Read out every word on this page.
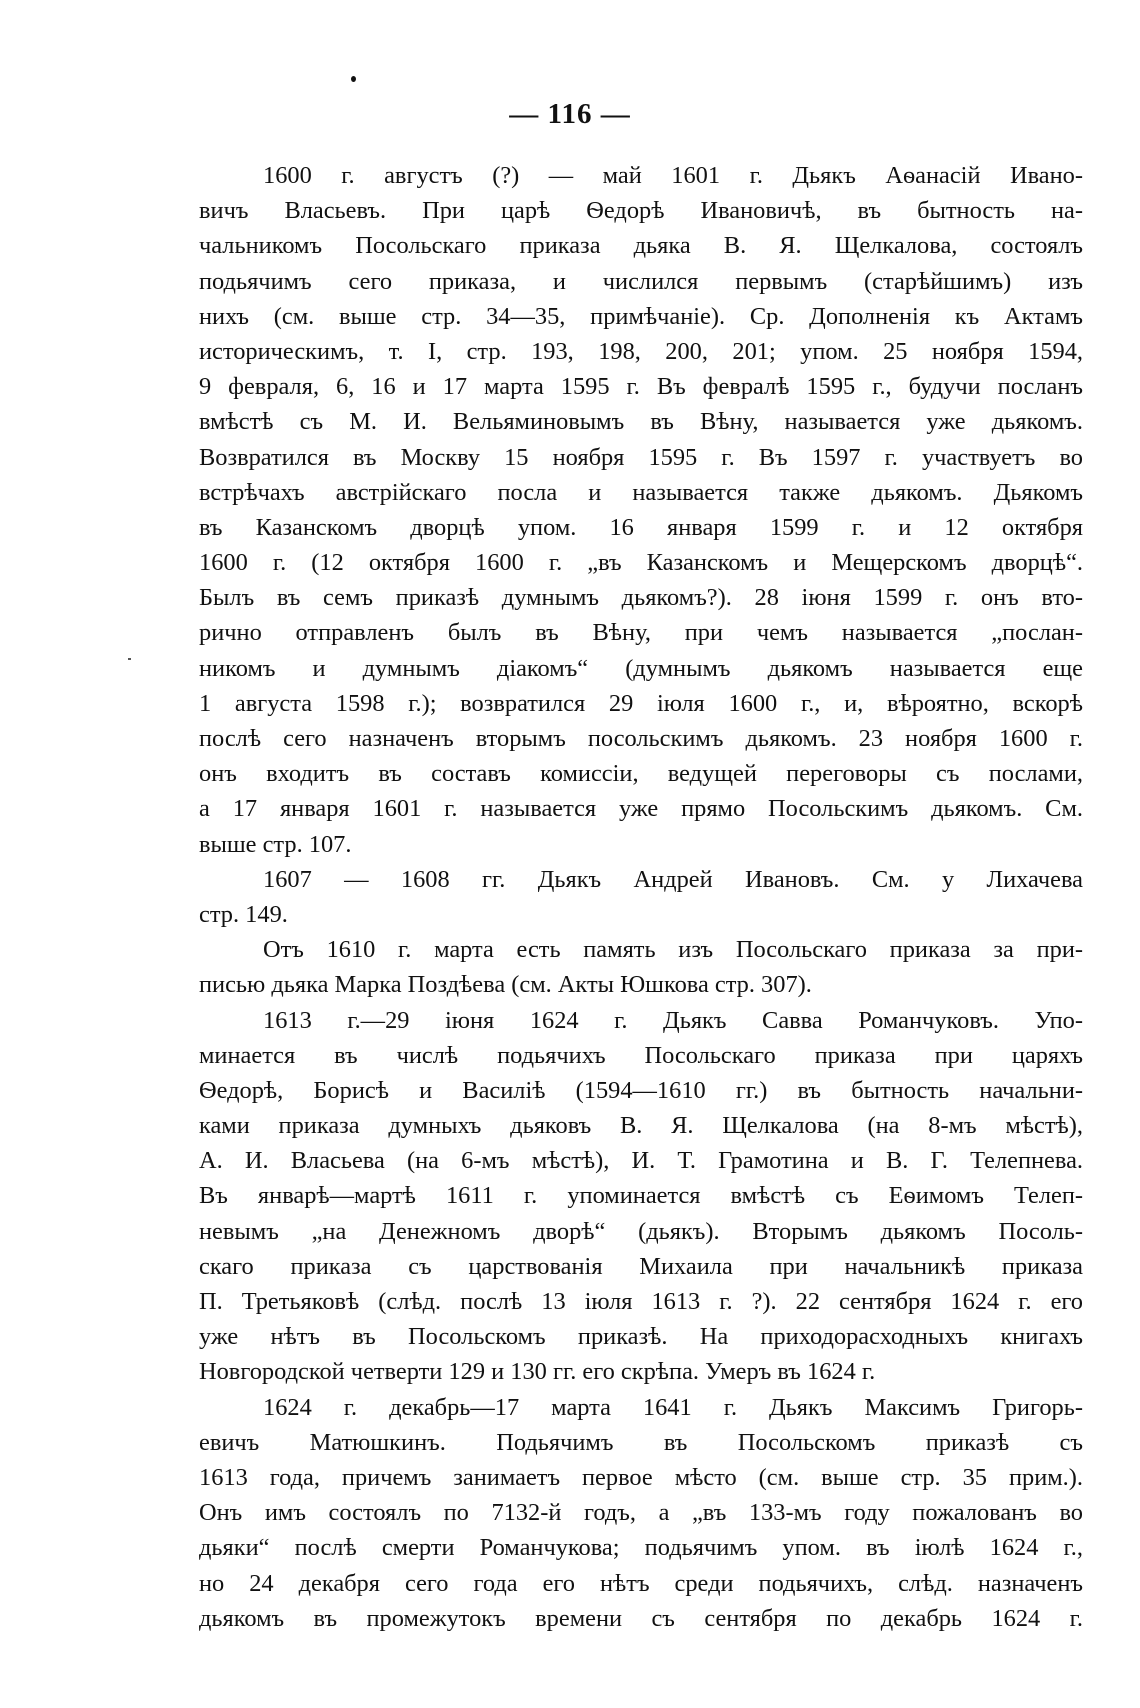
— 116 —
1600 г. августъ (?) — май 1601 г. Дьякъ Аѳанасій Ивано-
вичъ Власьевъ. При царѣ Ѳедорѣ Ивановичѣ, въ бытность на-
чальникомъ Посольскаго приказа дьяка В. Я. Щелкалова, состоялъ
подьячимъ сего приказа, и числился первымъ (старѣйшимъ) изъ
нихъ (см. выше стр. 34—35, примѣчаніе). Ср. Дополненія къ Актамъ
историческимъ, т. I, стр. 193, 198, 200, 201; упом. 25 ноября 1594,
9 февраля, 6, 16 и 17 марта 1595 г. Въ февралѣ 1595 г., будучи посланъ
вмѣстѣ съ М. И. Вельяминовымъ въ Вѣну, называется уже дьякомъ.
Возвратился въ Москву 15 ноября 1595 г. Въ 1597 г. участвуетъ во
встрѣчахъ австрійскаго посла и называется также дьякомъ. Дьякомъ
въ Казанскомъ дворцѣ упом. 16 января 1599 г. и 12 октября
1600 г. (12 октября 1600 г. „въ Казанскомъ и Мещерскомъ дворцѣ“.
Былъ въ семъ приказѣ думнымъ дьякомъ?). 28 іюня 1599 г. онъ вто-
рично отправленъ былъ въ Вѣну, при чемъ называется „послан-
никомъ и думнымъ діакомъ“ (думнымъ дьякомъ называется еще
1 августа 1598 г.); возвратился 29 іюля 1600 г., и, вѣроятно, вскорѣ
послѣ сего назначенъ вторымъ посольскимъ дьякомъ. 23 ноября 1600 г.
онъ входитъ въ составъ комиссіи, ведущей переговоры съ послами,
а 17 января 1601 г. называется уже прямо Посольскимъ дьякомъ. См.
выше стр. 107.
1607 — 1608 гг. Дьякъ Андрей Ивановъ. См. у Лихачева
стр. 149.
Отъ 1610 г. марта есть память изъ Посольскаго приказа за при-
писью дьяка Марка Поздѣева (см. Акты Юшкова стр. 307).
1613 г.—29 іюня 1624 г. Дьякъ Савва Романчуковъ. Упо-
минается въ числѣ подьячихъ Посольскаго приказа при царяхъ
Ѳедорѣ, Борисѣ и Василіѣ (1594—1610 гг.) въ бытность начальни-
ками приказа думныхъ дьяковъ В. Я. Щелкалова (на 8-мъ мѣстѣ),
А. И. Власьева (на 6-мъ мѣстѣ), И. Т. Грамотина и В. Г. Телепнева.
Въ январѣ—мартѣ 1611 г. упоминается вмѣстѣ съ Еѳимомъ Телеп-
невымъ „на Денежномъ дворѣ“ (дьякъ). Вторымъ дьякомъ Посоль-
скаго приказа съ царствованія Михаила при начальникѣ приказа
П. Третьяковѣ (слѣд. послѣ 13 іюля 1613 г. ?). 22 сентября 1624 г. его
уже нѣтъ въ Посольскомъ приказѣ. На приходорасходныхъ книгахъ
Новгородской четверти 129 и 130 гг. его скрѣпа. Умеръ въ 1624 г.
1624 г. декабрь—17 марта 1641 г. Дьякъ Максимъ Григорь-
евичъ Матюшкинъ. Подьячимъ въ Посольскомъ приказѣ съ
1613 года, причемъ занимаетъ первое мѣсто (см. выше стр. 35 прим.).
Онъ имъ состоялъ по 7132-й годъ, а „въ 133-мъ году пожалованъ во
дьяки“ послѣ смерти Романчукова; подьячимъ упом. въ іюлѣ 1624 г.,
но 24 декабря сего года его нѣтъ среди подьячихъ, слѣд. назначенъ
дьякомъ въ промежутокъ времени съ сентября по декабрь 1624 г.
